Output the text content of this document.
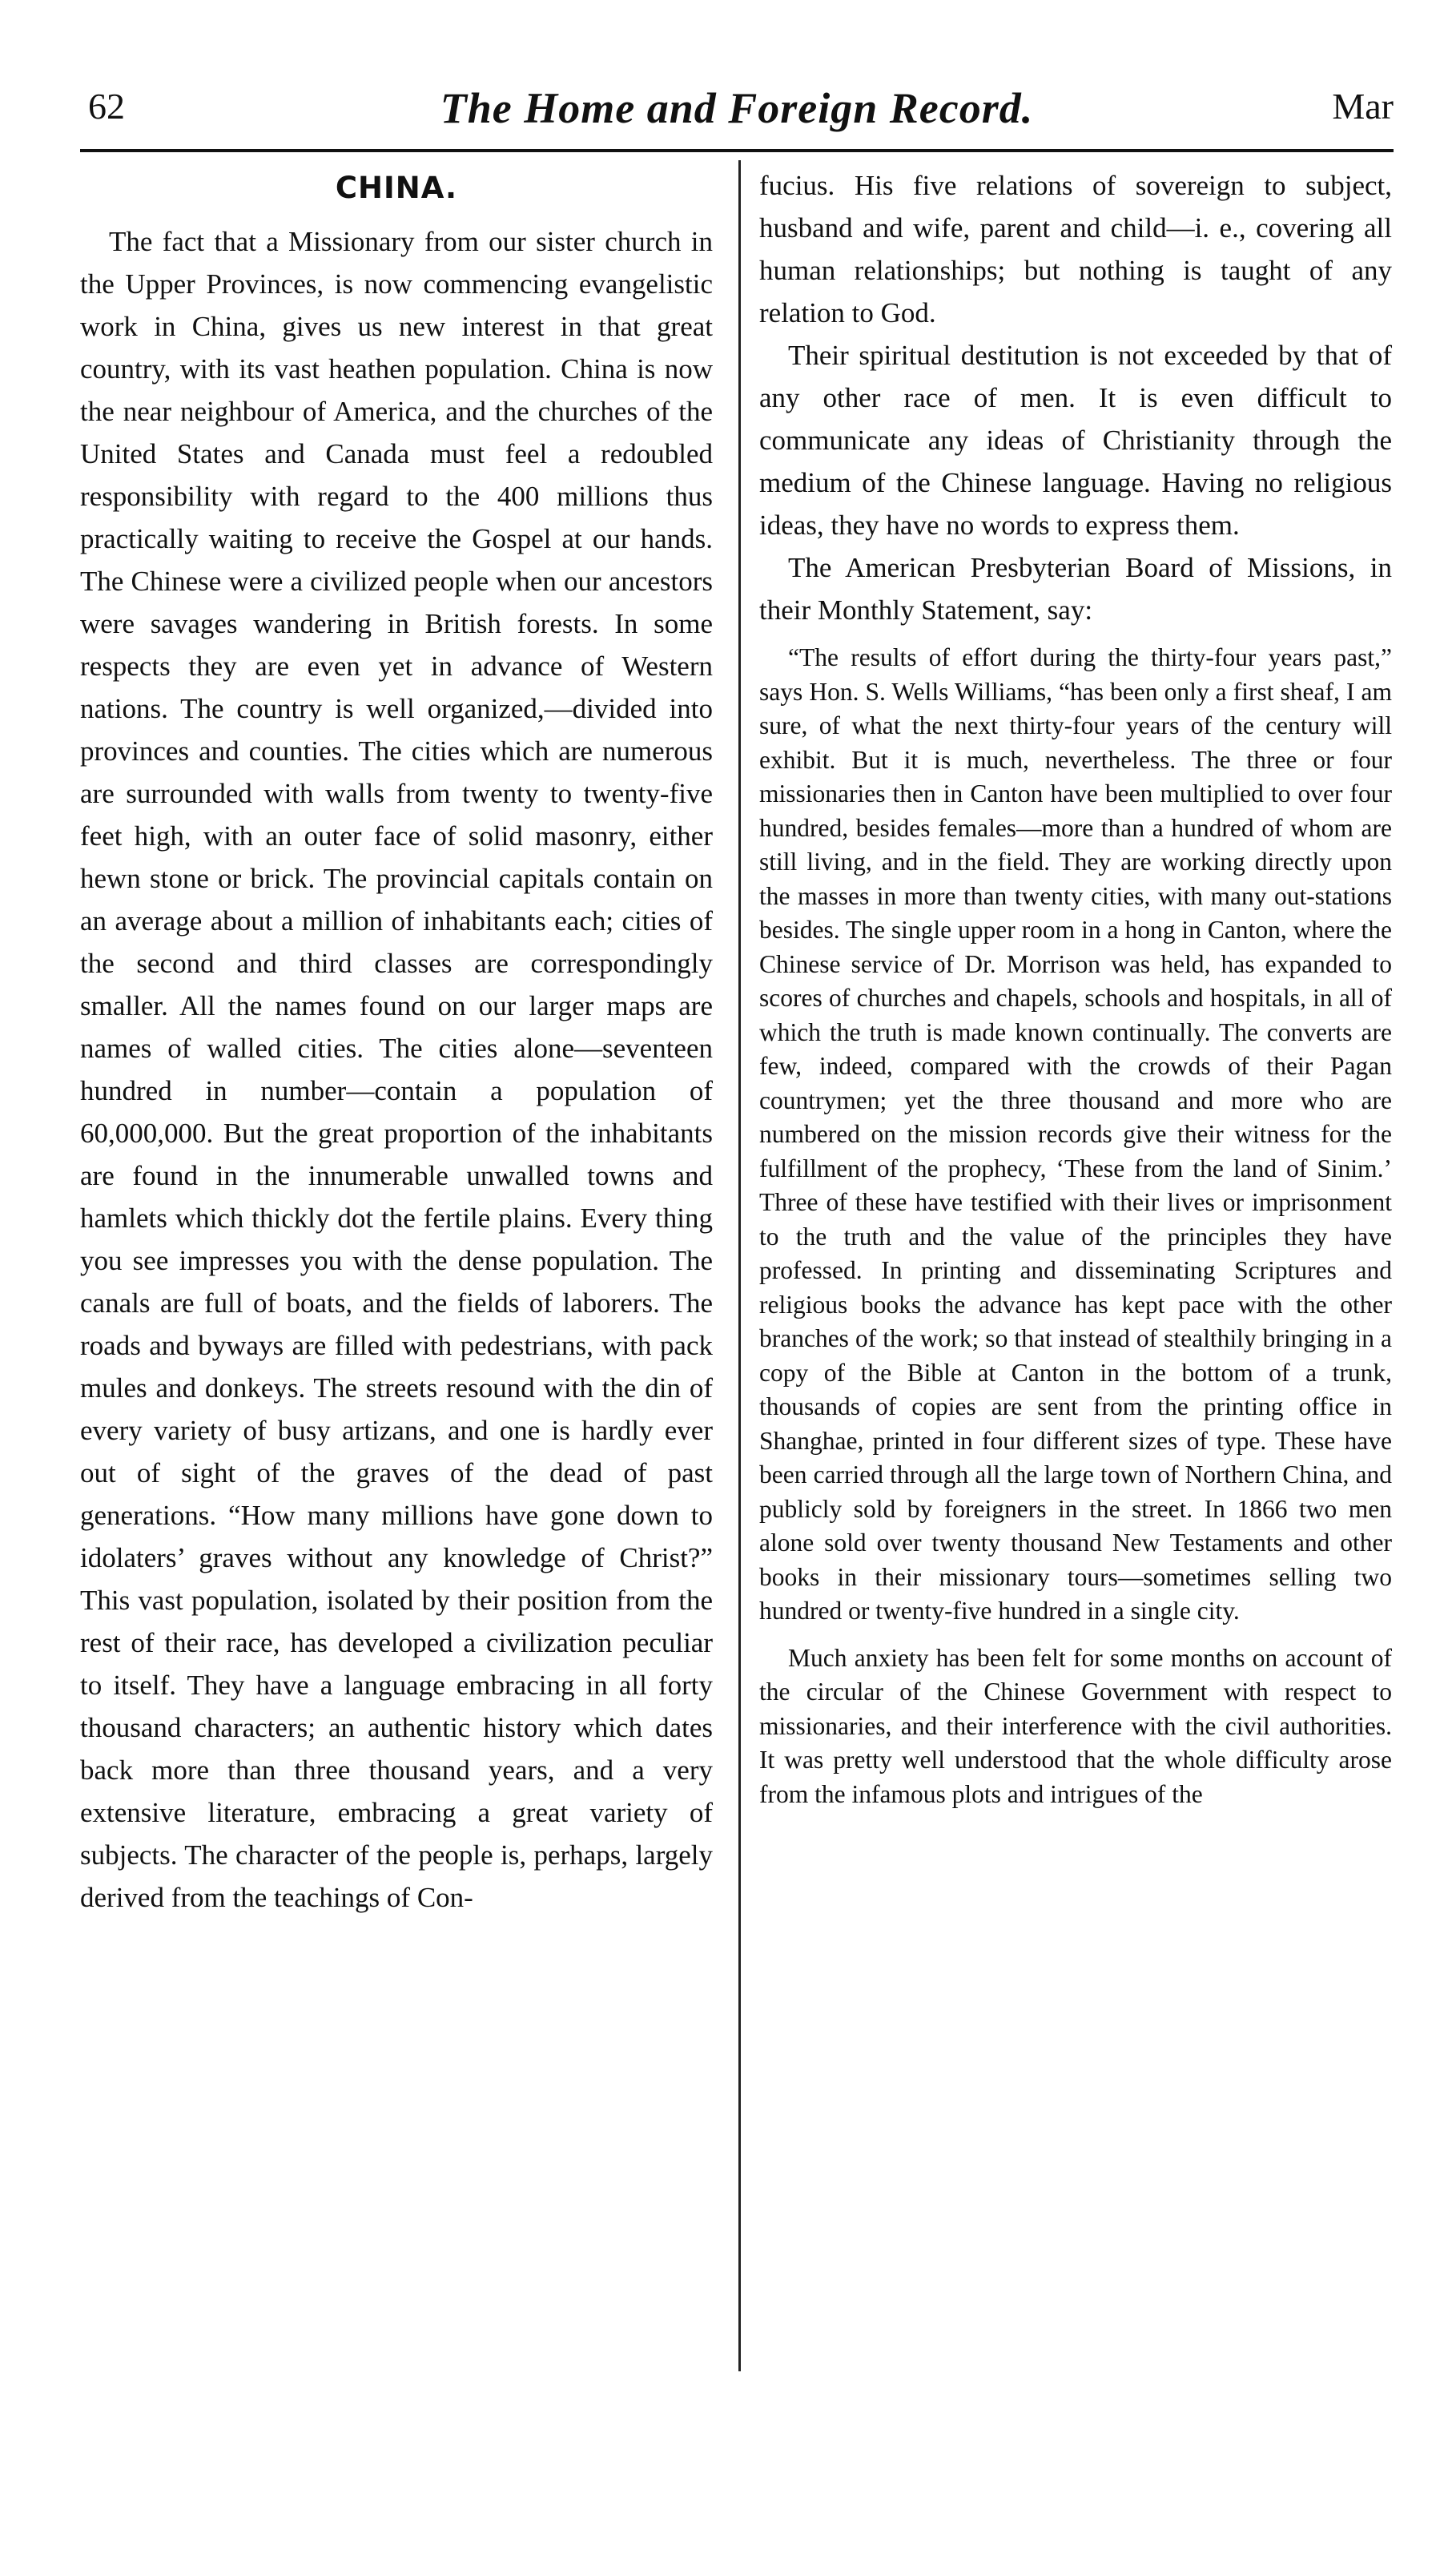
62	The Home and Foreign Record.	Mar
CHINA.

The fact that a Missionary from our sister church in the Upper Provinces, is now commencing evangelistic work in China, gives us new interest in that great country, with its vast heathen population. China is now the near neighbour of America, and the churches of the United States and Canada must feel a redoubled responsibility with regard to the 400 millions thus practically waiting to receive the Gospel at our hands. The Chinese were a civilized people when our ancestors were savages wandering in British forests. In some respects they are even yet in advance of Western nations. The country is well organized,—divided into provinces and counties. The cities which are numerous are surrounded with walls from twenty to twenty-five feet high, with an outer face of solid masonry, either hewn stone or brick. The provincial capitals contain on an average about a million of inhabitants each; cities of the second and third classes are correspondingly smaller. All the names found on our larger maps are names of walled cities. The cities alone—seventeen hundred in number—contain a population of 60,000,000. But the great proportion of the inhabitants are found in the innumerable unwalled towns and hamlets which thickly dot the fertile plains. Every thing you see impresses you with the dense population. The canals are full of boats, and the fields of laborers. The roads and byways are filled with pedestrians, with pack mules and donkeys. The streets resound with the din of every variety of busy artizans, and one is hardly ever out of sight of the graves of the dead of past generations. “How many millions have gone down to idolaters’ graves without any knowledge of Christ?” This vast population, isolated by their position from the rest of their race, has developed a civilization peculiar to itself. They have a language embracing in all forty thousand characters; an authentic history which dates back more than three thousand years, and a very extensive literature, embracing a great variety of subjects. The character of the people is, perhaps, largely derived from the teachings of Con-

fucius. His five relations of sovereign to subject, husband and wife, parent and child—i. e., covering all human relationships; but nothing is taught of any relation to God.

Their spiritual destitution is not exceeded by that of any other race of men. It is even difficult to communicate any ideas of Christianity through the medium of the Chinese language. Having no religious ideas, they have no words to express them.

The American Presbyterian Board of Missions, in their Monthly Statement, say:

“The results of effort during the thirty-four years past,” says Hon. S. Wells Williams, “has been only a first sheaf, I am sure, of what the next thirty-four years of the century will exhibit. But it is much, nevertheless. The three or four missionaries then in Canton have been multiplied to over four hundred, besides females—more than a hundred of whom are still living, and in the field. They are working directly upon the masses in more than twenty cities, with many out-stations besides. The single upper room in a hong in Canton, where the Chinese service of Dr. Morrison was held, has expanded to scores of churches and chapels, schools and hospitals, in all of which the truth is made known continually. The converts are few, indeed, compared with the crowds of their Pagan countrymen; yet the three thousand and more who are numbered on the mission records give their witness for the fulfillment of the prophecy, ‘These from the land of Sinim.’ Three of these have testified with their lives or imprisonment to the truth and the value of the principles they have professed. In printing and disseminating Scriptures and religious books the advance has kept pace with the other branches of the work; so that instead of stealthily bringing in a copy of the Bible at Canton in the bottom of a trunk, thousands of copies are sent from the printing office in Shanghae, printed in four different sizes of type. These have been carried through all the large town of Northern China, and publicly sold by foreigners in the street. In 1866 two men alone sold over twenty thousand New Testaments and other books in their missionary tours—sometimes selling two hundred or twenty-five hundred in a single city.

Much anxiety has been felt for some months on account of the circular of the Chinese Government with respect to missionaries, and their interference with the civil authorities. It was pretty well understood that the whole difficulty arose from the infamous plots and intrigues of the
